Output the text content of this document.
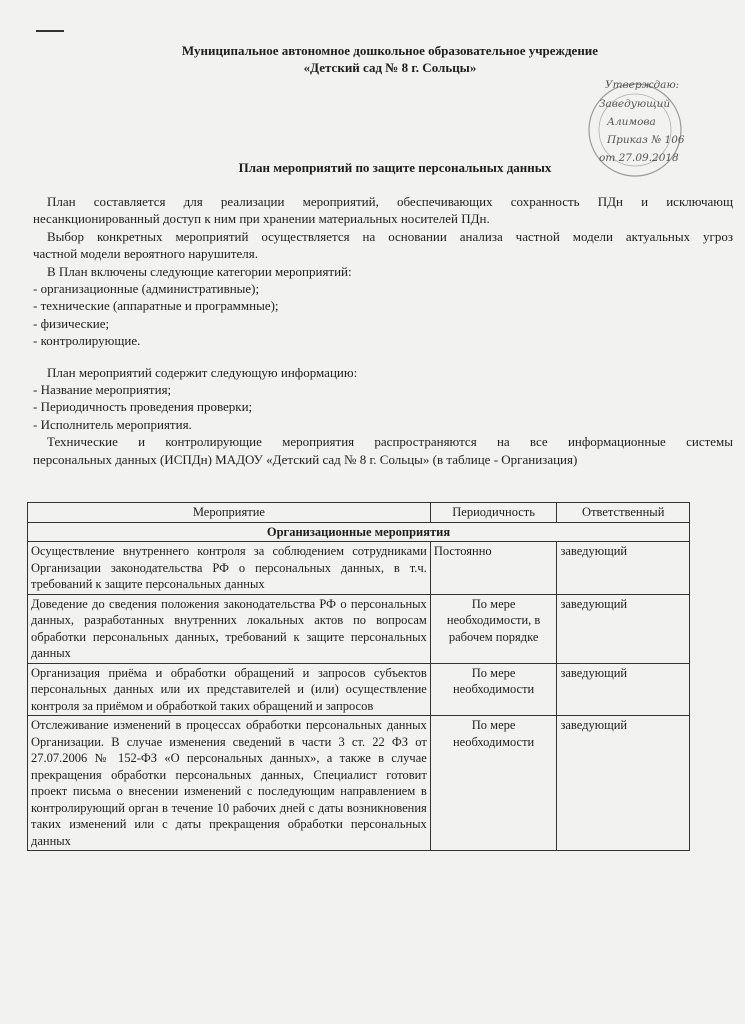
Муниципальное автономное дошкольное образовательное учреждение
«Детский сад № 8 г. Сольцы»
Утверждаю:
Заведующий
Алимова
Приказ № 106
от 27.09.2018
План мероприятий по защите персональных данных

План составляется для реализации мероприятий, обеспечивающих сохранность ПДн и исключающ

несанкционированный доступ к ним при хранении материальных носителей ПДн.

Выбор конкретных мероприятий осуществляется на основании анализа частной модели актуальных угроз

частной модели вероятного нарушителя.

В План включены следующие категории мероприятий:

- организационные (административные);

- технические (аппаратные и программные);

- физические;

- контролирующие.

План мероприятий содержит следующую информацию:

- Название мероприятия;

- Периодичность проведения проверки;

- Исполнитель мероприятия.

Технические и контролирующие мероприятия распространяются на все информационные системы

персональных данных (ИСПДн) МАДОУ «Детский сад № 8 г. Сольцы» (в таблице - Организация)

Мероприятие	Периодичность	Ответственный
Организационные мероприятия		
Осуществление внутреннего контроля за соблюдением сотрудниками Организации законодательства РФ о персональных данных, в т.ч. требований к защите персональных данных	Постоянно	заведующий
Доведение до сведения положения законодательства РФ о персональных данных, разработанных внутренних локальных актов по вопросам обработки персональных данных, требований к защите персональных данных	По мере необходимости, в рабочем порядке	заведующий
Организация приёма и обработки обращений и запросов субъектов персональных данных или их представителей и (или) осуществление контроля за приёмом и обработкой таких обращений и запросов	По мере необходимости	заведующий
Отслеживание изменений в процессах обработки персональных данных Организации. В случае изменения сведений в части 3 ст. 22 ФЗ от 27.07.2006 № 152-ФЗ «О персональных данных», а также в случае прекращения обработки персональных данных, Специалист готовит проект письма о внесении изменений с последующим направлением в контролирующий орган в течение 10 рабочих дней с даты возникновения таких изменений или с даты прекращения обработки персональных данных	По мере необходимости	заведующий
